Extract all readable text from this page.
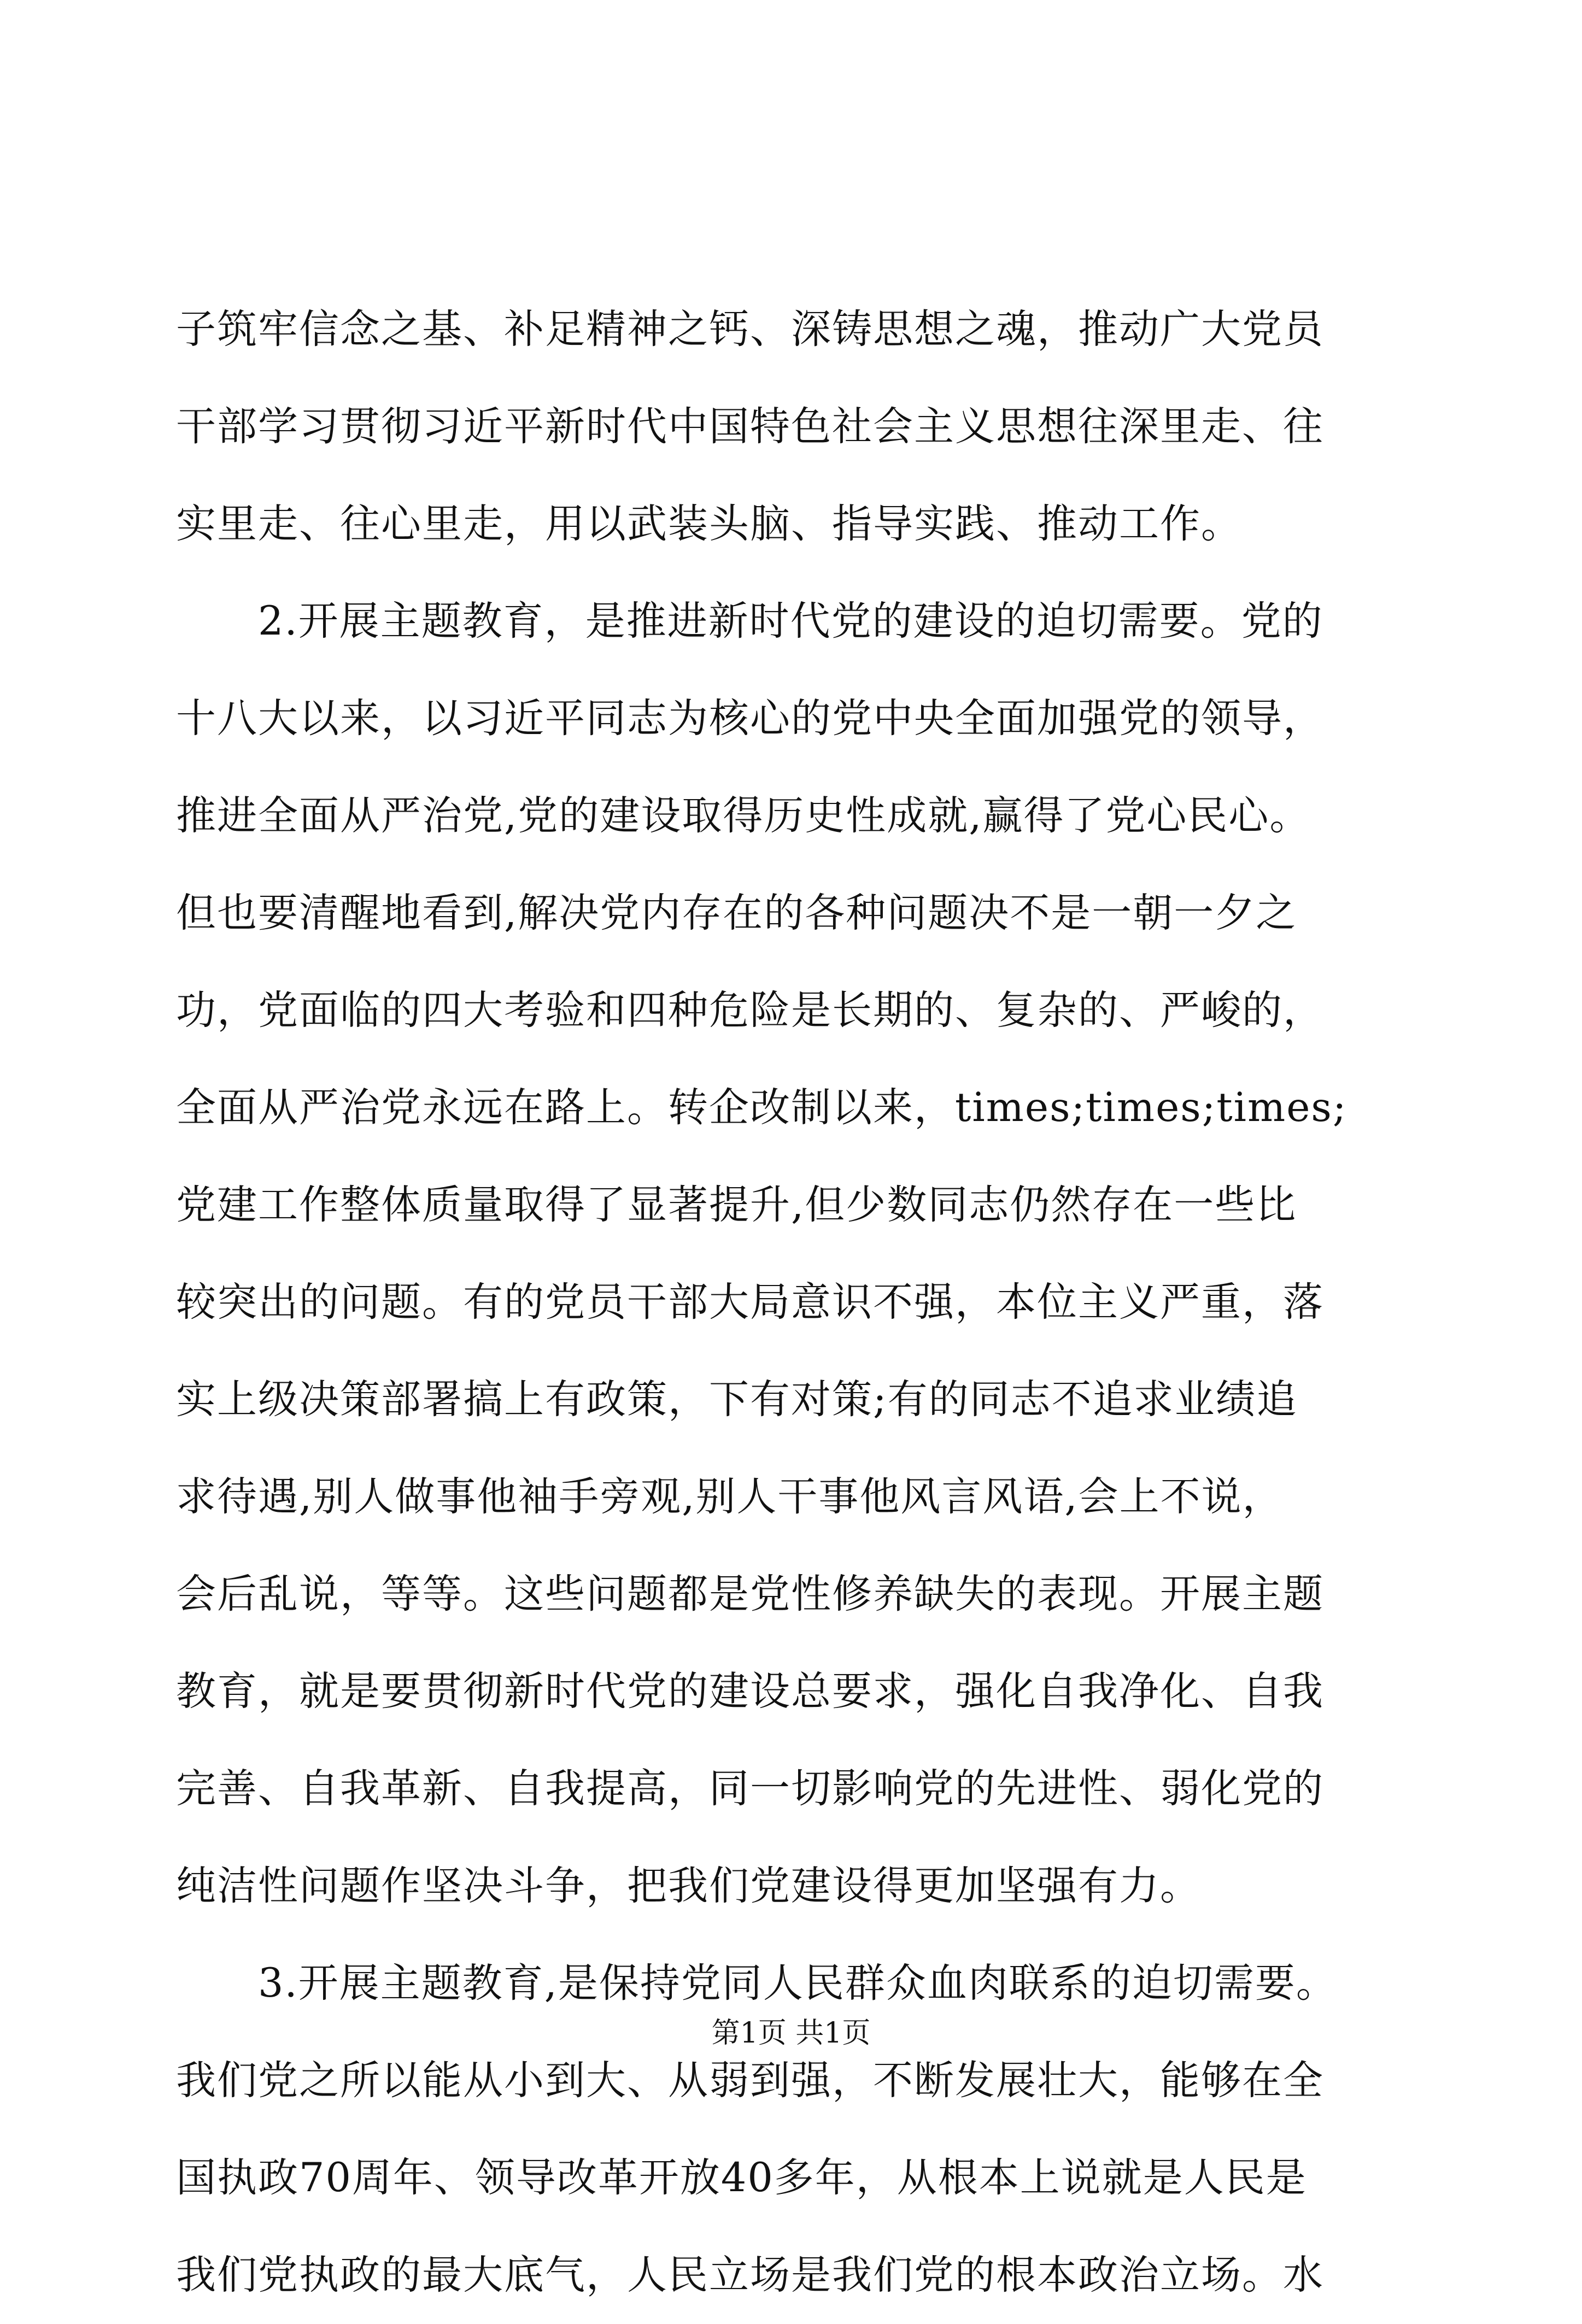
子筑牢信念之基、补足精神之钙、深铸思想之魂，推动广大党员
干部学习贯彻习近平新时代中国特色社会主义思想往深里走、往
实里走、往心里走，用以武装头脑、指导实践、推动工作。
　　2.开展主题教育，是推进新时代党的建设的迫切需要。党的
十八大以来，以习近平同志为核心的党中央全面加强党的领导，
推进全面从严治党,党的建设取得历史性成就,赢得了党心民心。
但也要清醒地看到,解决党内存在的各种问题决不是一朝一夕之
功，党面临的四大考验和四种危险是长期的、复杂的、严峻的，
全面从严治党永远在路上。转企改制以来，times;times;times;
党建工作整体质量取得了显著提升,但少数同志仍然存在一些比
较突出的问题。有的党员干部大局意识不强，本位主义严重，落
实上级决策部署搞上有政策，下有对策;有的同志不追求业绩追
求待遇,别人做事他袖手旁观,别人干事他风言风语,会上不说，
会后乱说，等等。这些问题都是党性修养缺失的表现。开展主题
教育，就是要贯彻新时代党的建设总要求，强化自我净化、自我
完善、自我革新、自我提高，同一切影响党的先进性、弱化党的
纯洁性问题作坚决斗争，把我们党建设得更加坚强有力。
　　3.开展主题教育,是保持党同人民群众血肉联系的迫切需要。
我们党之所以能从小到大、从弱到强，不断发展壮大，能够在全
国执政70周年、领导改革开放40多年，从根本上说就是人民是
我们党执政的最大底气，人民立场是我们党的根本政治立场。水
第1页 共1页
